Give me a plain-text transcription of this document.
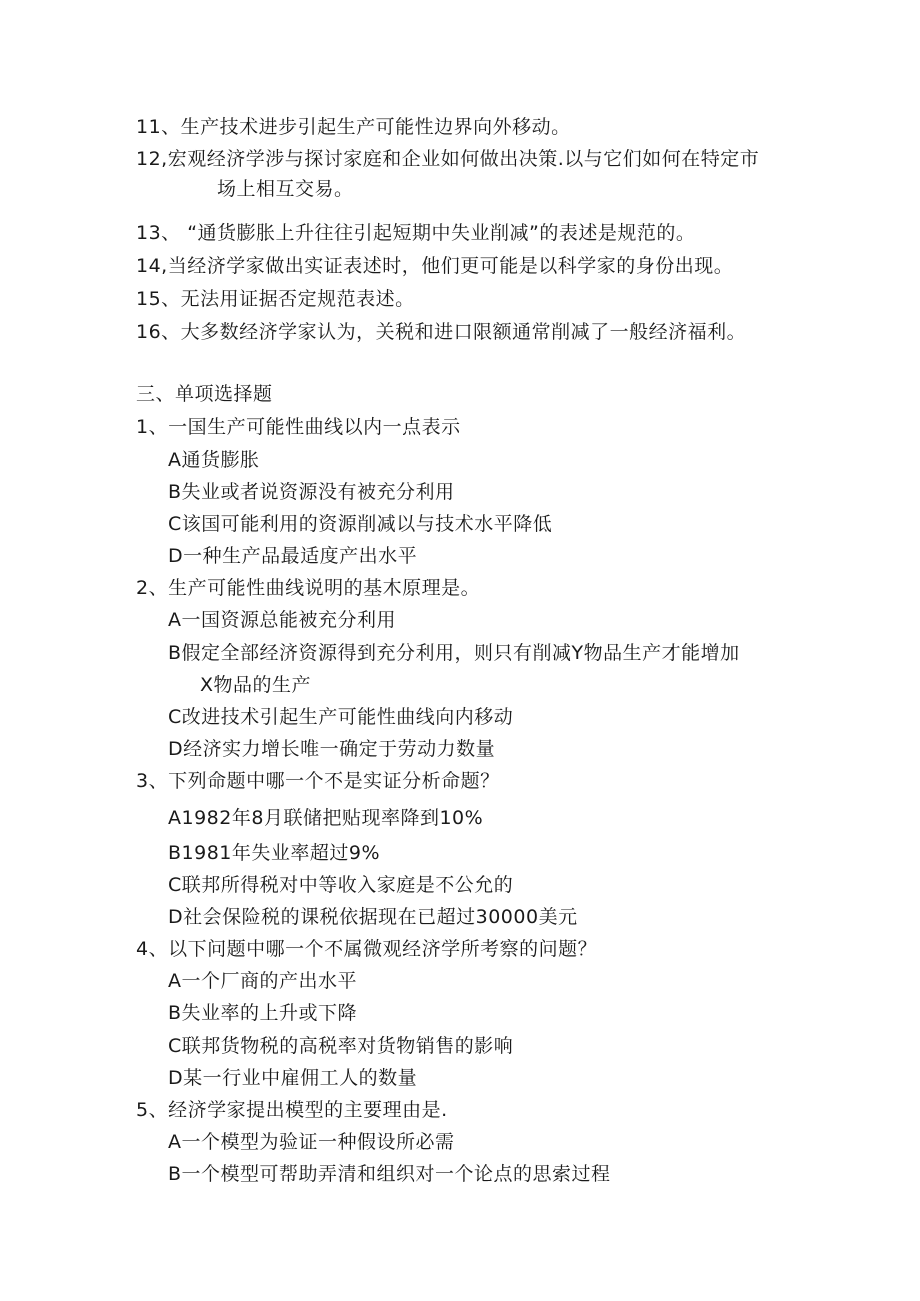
11、生产技术进步引起生产可能性边界向外移动。
12,宏观经济学涉与探讨家庭和企业如何做出决策.以与它们如何在特定市
场上相互交易。
13、 “通货膨胀上升往往引起短期中失业削减”的表述是规范的。
14,当经济学家做出实证表述时，他们更可能是以科学家的身份出现。
15、无法用证据否定规范表述。
16、大多数经济学家认为，关税和进口限额通常削减了一般经济福利。
三、单项选择题
1、一国生产可能性曲线以内一点表示
A通货膨胀
B失业或者说资源没有被充分利用
C该国可能利用的资源削减以与技术水平降低
D一种生产品最适度产出水平
2、生产可能性曲线说明的基木原理是。
A一国资源总能被充分利用
B假定全部经济资源得到充分利用，则只有削减Y物品生产才能增加
X物品的生产
C改进技术引起生产可能性曲线向内移动
D经济实力增长唯一确定于劳动力数量
3、下列命题中哪一个不是实证分析命题？
A1982年8月联储把贴现率降到10%
B1981年失业率超过9%
C联邦所得税对中等收入家庭是不公允的
D社会保险税的课税依据现在已超过30000美元
4、以下问题中哪一个不属微观经济学所考察的问题？
A一个厂商的产出水平
B失业率的上升或下降
C联邦货物税的高税率对货物销售的影响
D某一行业中雇佣工人的数量
5、经济学家提出模型的主要理由是.
A一个模型为验证一种假设所必需
B一个模型可帮助弄清和组织对一个论点的思索过程
